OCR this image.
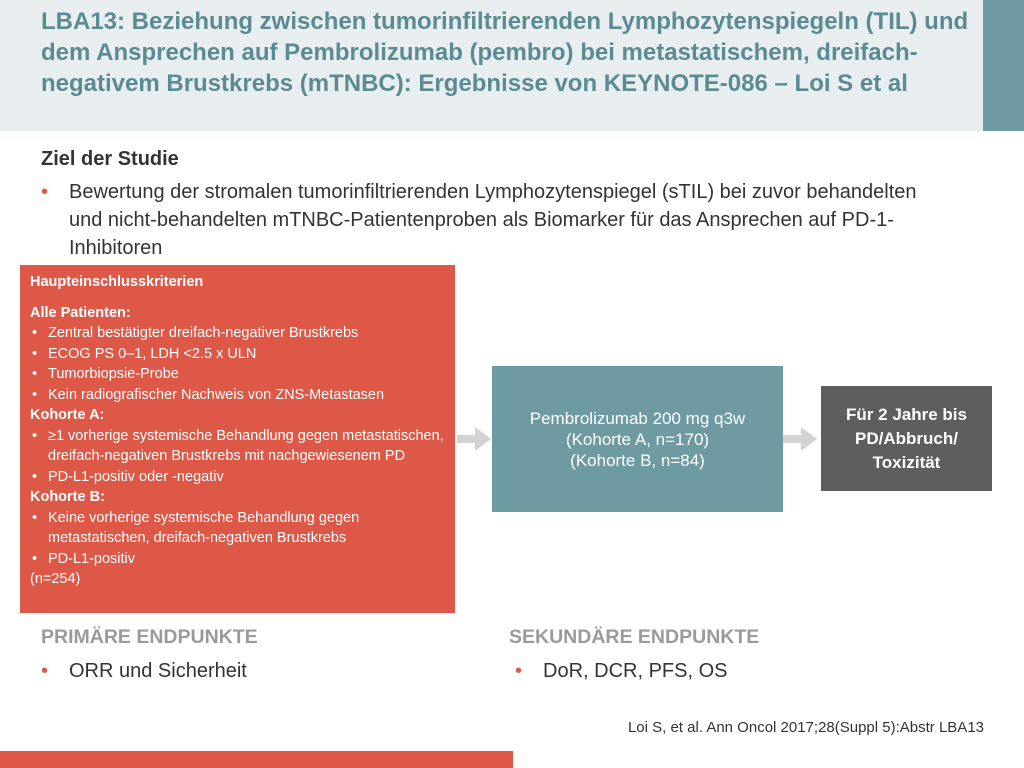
LBA13: Beziehung zwischen tumorinfiltrierenden Lymphozytenspiegeln (TIL) und dem Ansprechen auf Pembrolizumab (pembro) bei metastatischem, dreifach-negativem Brustkrebs (mTNBC): Ergebnisse von KEYNOTE-086 – Loi S et al
Ziel der Studie
• Bewertung der stromalen tumorinfiltrierenden Lymphozytenspiegel (sTIL) bei zuvor behandelten und nicht-behandelten mTNBC-Patientenproben als Biomarker für das Ansprechen auf PD-1-Inhibitoren
Haupteinschlusskriterien
Alle Patienten:
• Zentral bestätigter dreifach-negativer Brustkrebs
• ECOG PS 0–1, LDH <2.5 x ULN
• Tumorbiopsie-Probe
• Kein radiografischer Nachweis von ZNS-Metastasen
Kohorte A:
• ≥1 vorherige systemische Behandlung gegen metastatischen, dreifach-negativen Brustkrebs mit nachgewiesenem PD
• PD-L1-positiv oder -negativ
Kohorte B:
• Keine vorherige systemische Behandlung gegen metastatischen, dreifach-negativen Brustkrebs
• PD-L1-positiv
(n=254)
Pembrolizumab 200 mg q3w
(Kohorte A, n=170)
(Kohorte B, n=84)
Für 2 Jahre bis
PD/Abbruch/
Toxizität
PRIMÄRE ENDPUNKTE
• ORR und Sicherheit
SEKUNDÄRE ENDPUNKTE
• DoR, DCR, PFS, OS
Loi S, et al. Ann Oncol 2017;28(Suppl 5):Abstr LBA13
